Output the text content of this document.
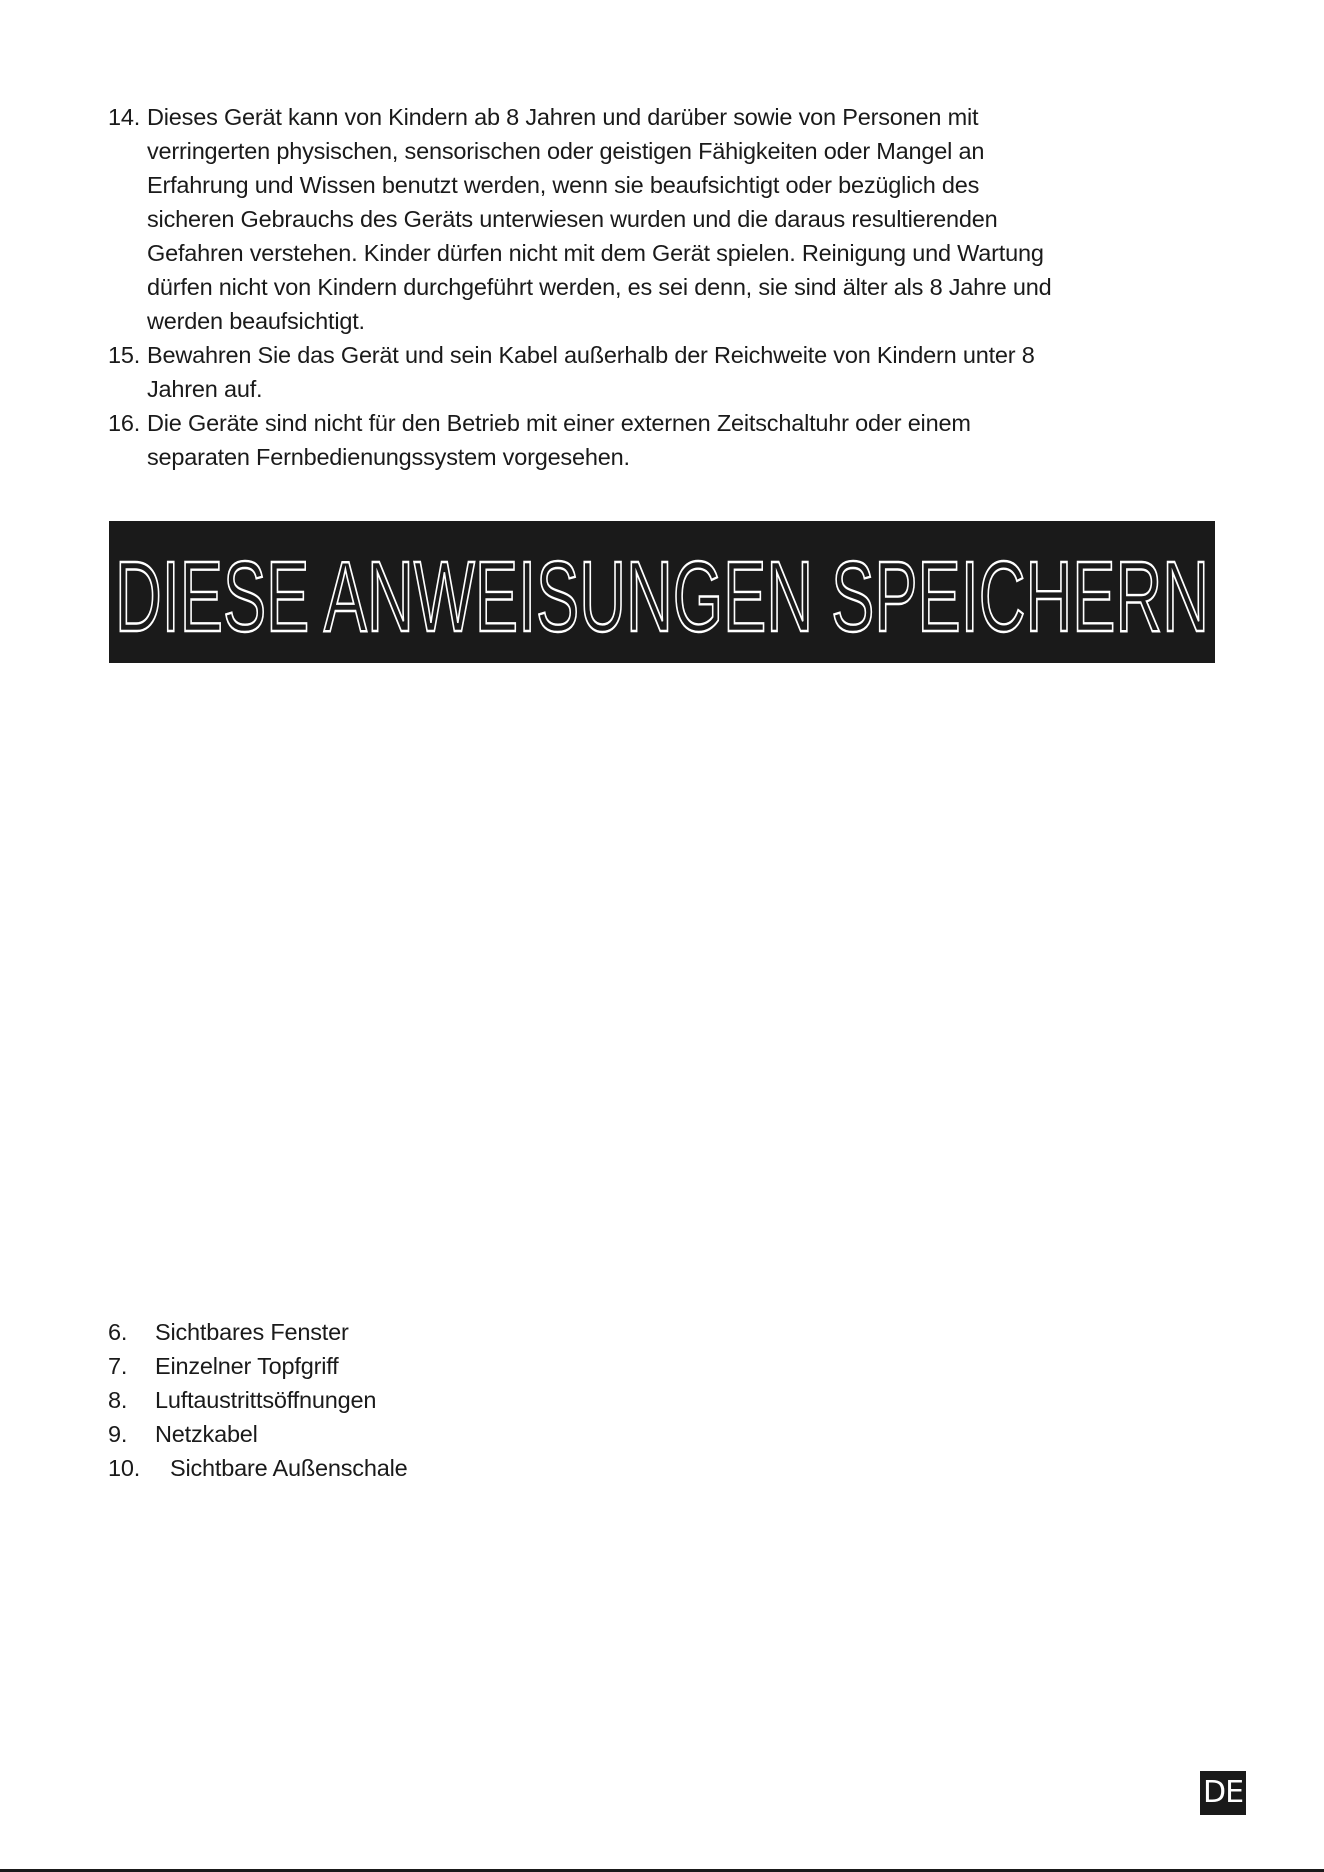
14. Dieses Gerät kann von Kindern ab 8 Jahren und darüber sowie von Personen mit
verringerten physischen, sensorischen oder geistigen Fähigkeiten oder Mangel an
Erfahrung und Wissen benutzt werden, wenn sie beaufsichtigt oder bezüglich des
sicheren Gebrauchs des Geräts unterwiesen wurden und die daraus resultierenden
Gefahren verstehen. Kinder dürfen nicht mit dem Gerät spielen. Reinigung und Wartung
dürfen nicht von Kindern durchgeführt werden, es sei denn, sie sind älter als 8 Jahre und
werden beaufsichtigt.
15. Bewahren Sie das Gerät und sein Kabel außerhalb der Reichweite von Kindern unter 8
Jahren auf.
16. Die Geräte sind nicht für den Betrieb mit einer externen Zeitschaltuhr oder einem
separaten Fernbedienungssystem vorgesehen.
DIESE ANWEISUNGEN SPEICHERN
6. Sichtbares Fenster
7. Einzelner Topfgriff
8. Luftaustrittsöffnungen
9. Netzkabel
10. Sichtbare Außenschale
DE
